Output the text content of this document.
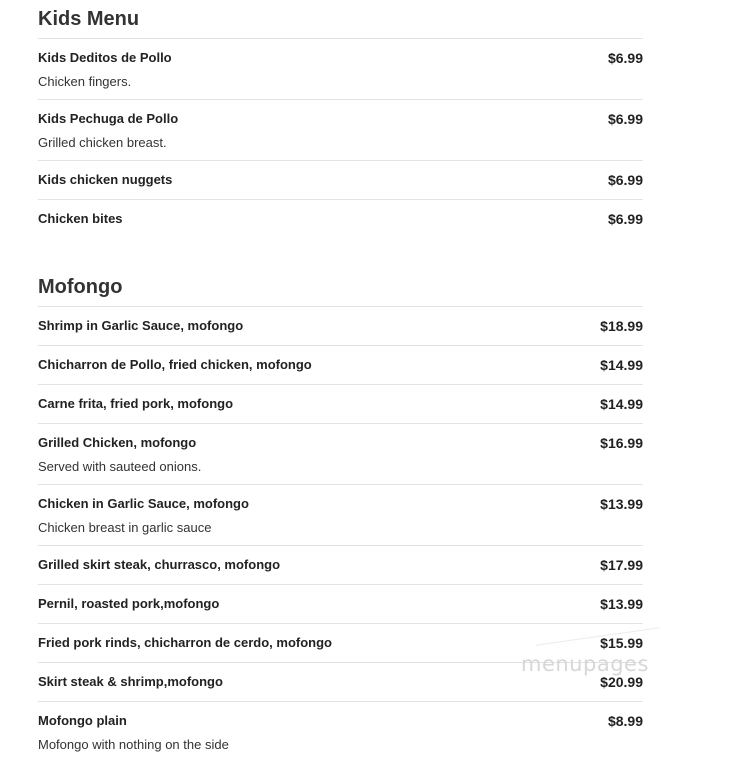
Kids Menu
Kids Deditos de Pollo	$6.99
Chicken fingers.
Kids Pechuga de Pollo	$6.99
Grilled chicken breast.
Kids chicken nuggets	$6.99
Chicken bites	$6.99
Mofongo
Shrimp in Garlic Sauce, mofongo	$18.99
Chicharron de Pollo, fried chicken, mofongo	$14.99
Carne frita, fried pork, mofongo	$14.99
Grilled Chicken, mofongo	$16.99
Served with sauteed onions.
Chicken in Garlic Sauce, mofongo	$13.99
Chicken breast in garlic sauce
Grilled skirt steak, churrasco, mofongo	$17.99
Pernil, roasted pork,mofongo	$13.99
Fried pork rinds, chicharron de cerdo, mofongo	$15.99
Skirt steak & shrimp,mofongo	$20.99
Mofongo plain	$8.99
Mofongo with nothing on the side
menupages
